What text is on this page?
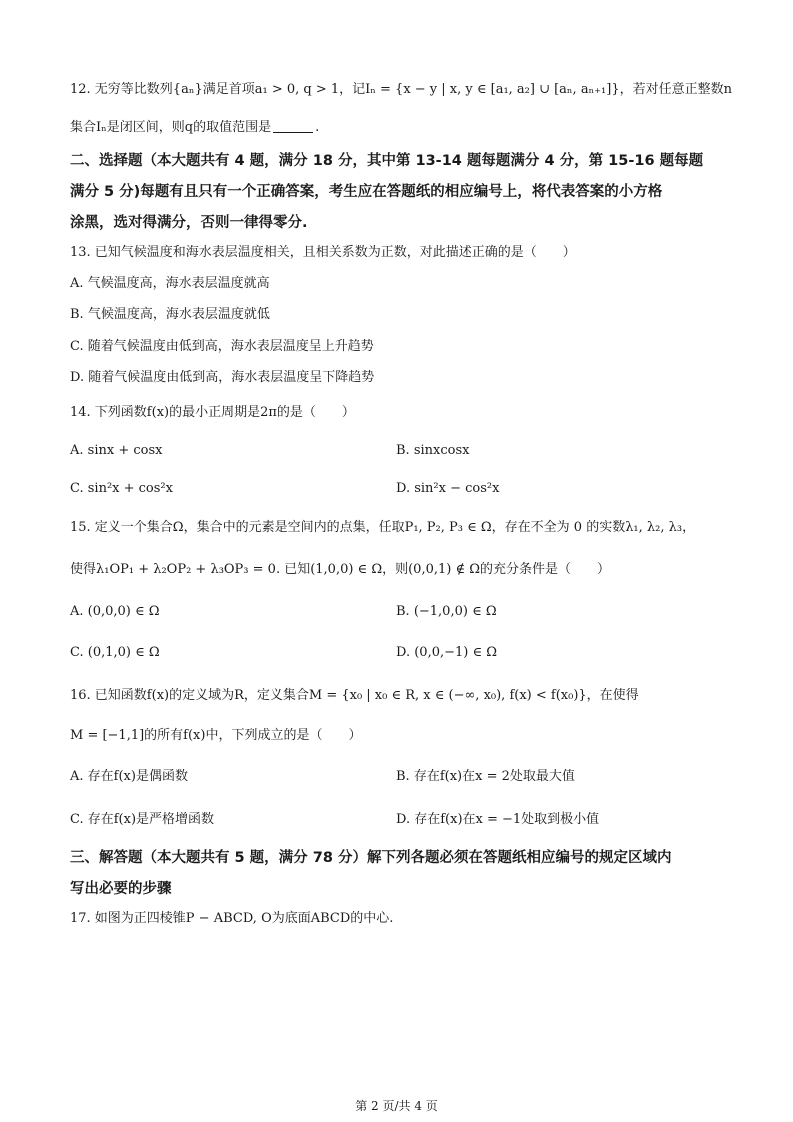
12. 无穷等比数列{aₙ}满足首项a₁ > 0, q > 1，记Iₙ = {x − y | x, y ∈ [a₁, a₂] ∪ [aₙ, aₙ₊₁]}，若对任意正整数n
集合Iₙ是闭区间，则q的取值范围是	.
二、选择题（本大题共有 4 题，满分 18 分，其中第 13-14 题每题满分 4 分，第 15-16 题每题
满分 5 分)每题有且只有一个正确答案，考生应在答题纸的相应编号上，将代表答案的小方格
涂黑，选对得满分，否则一律得零分.
13. 已知气候温度和海水表层温度相关，且相关系数为正数，对此描述正确的是（　　）
A. 气候温度高，海水表层温度就高
B. 气候温度高，海水表层温度就低
C. 随着气候温度由低到高，海水表层温度呈上升趋势
D. 随着气候温度由低到高，海水表层温度呈下降趋势
14. 下列函数f(x)的最小正周期是2π的是（　　）
A. sinx + cosx	B. sinxcosx
C. sin²x + cos²x	D. sin²x − cos²x
15. 定义一个集合Ω，集合中的元素是空间内的点集，任取P₁, P₂, P₃ ∈ Ω，存在不全为 0 的实数λ₁, λ₂, λ₃，
使得λ₁OP₁ + λ₂OP₂ + λ₃OP₃ = 0. 已知(1,0,0) ∈ Ω，则(0,0,1) ∉ Ω的充分条件是（　　）
A. (0,0,0) ∈ Ω	B. (−1,0,0) ∈ Ω
C. (0,1,0) ∈ Ω	D. (0,0,−1) ∈ Ω
16. 已知函数f(x)的定义域为R，定义集合M = {x₀ | x₀ ∈ R, x ∈ (−∞, x₀), f(x) < f(x₀)}，在使得
M = [−1,1]的所有f(x)中，下列成立的是（　　）
A. 存在f(x)是偶函数	B. 存在f(x)在x = 2处取最大值
C. 存在f(x)是严格增函数	D. 存在f(x)在x = −1处取到极小值
三、解答题（本大题共有 5 题，满分 78 分）解下列各题必须在答题纸相应编号的规定区域内
写出必要的步骤
17. 如图为正四棱锥P − ABCD, O为底面ABCD的中心.
第 2 页/共 4 页
